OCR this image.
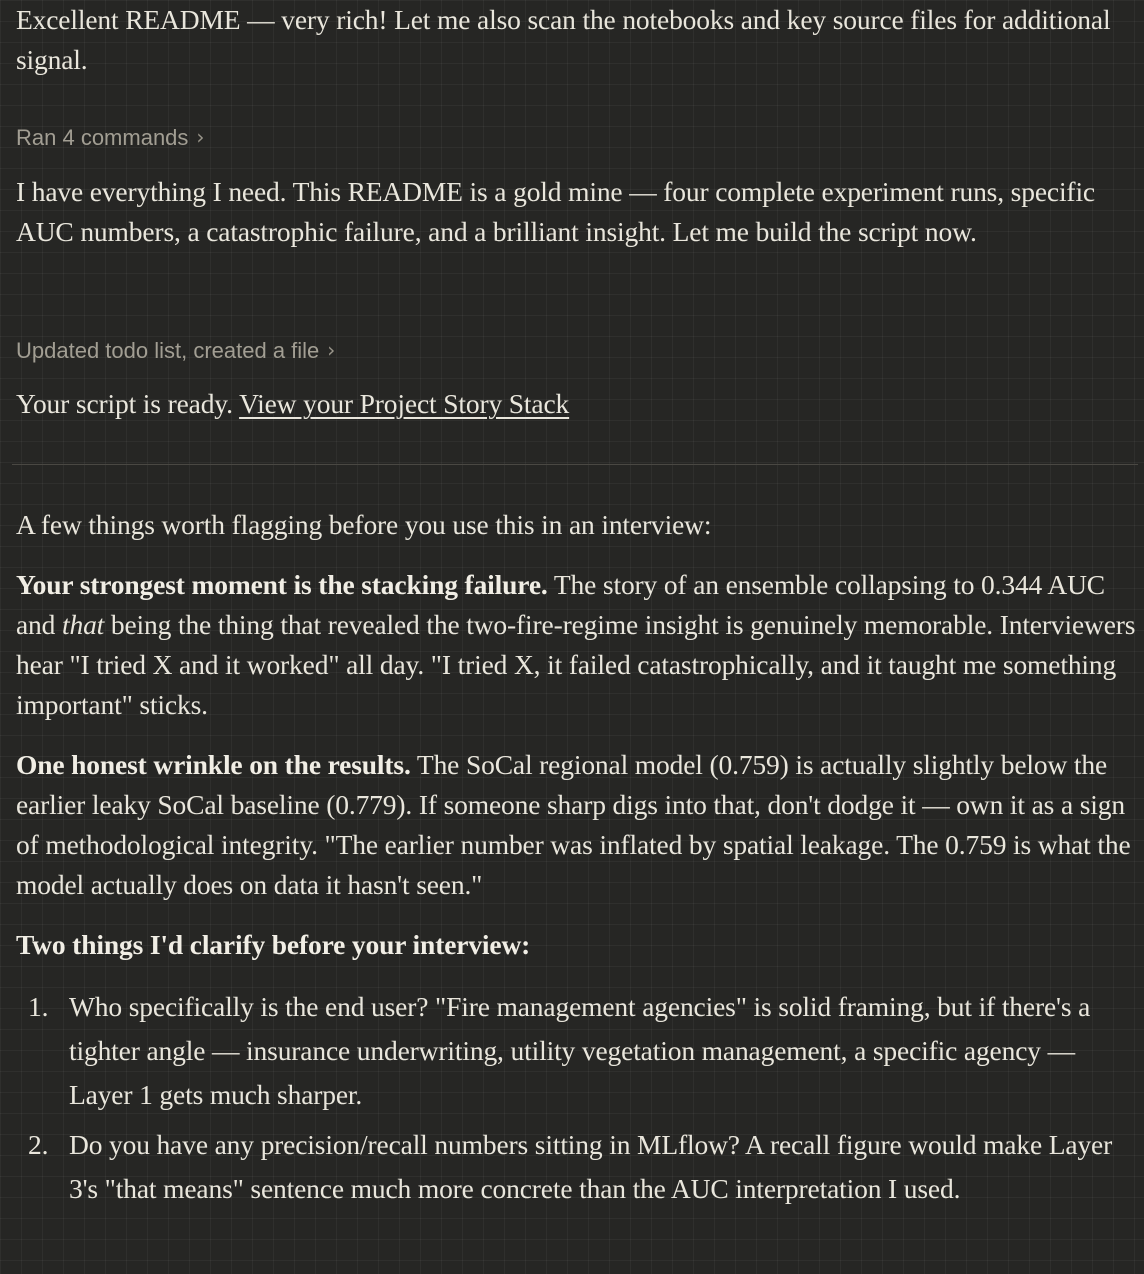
Excellent README — very rich! Let me also scan the notebooks and key source files for additional signal.

Ran 4 commands ›

I have everything I need. This README is a gold mine — four complete experiment runs, specific AUC numbers, a catastrophic failure, and a brilliant insight. Let me build the script now.

Updated todo list, created a file ›

Your script is ready. View your Project Story Stack

A few things worth flagging before you use this in an interview:

Your strongest moment is the stacking failure. The story of an ensemble collapsing to 0.344 AUC and that being the thing that revealed the two-fire-regime insight is genuinely memorable. Interviewers hear "I tried X and it worked" all day. "I tried X, it failed catastrophically, and it taught me something important" sticks.

One honest wrinkle on the results. The SoCal regional model (0.759) is actually slightly below the earlier leaky SoCal baseline (0.779). If someone sharp digs into that, don't dodge it — own it as a sign of methodological integrity. "The earlier number was inflated by spatial leakage. The 0.759 is what the model actually does on data it hasn't seen."

Two things I'd clarify before your interview:

1. Who specifically is the end user? "Fire management agencies" is solid framing, but if there's a tighter angle — insurance underwriting, utility vegetation management, a specific agency — Layer 1 gets much sharper.
2. Do you have any precision/recall numbers sitting in MLflow? A recall figure would make Layer 3's "that means" sentence much more concrete than the AUC interpretation I used.
